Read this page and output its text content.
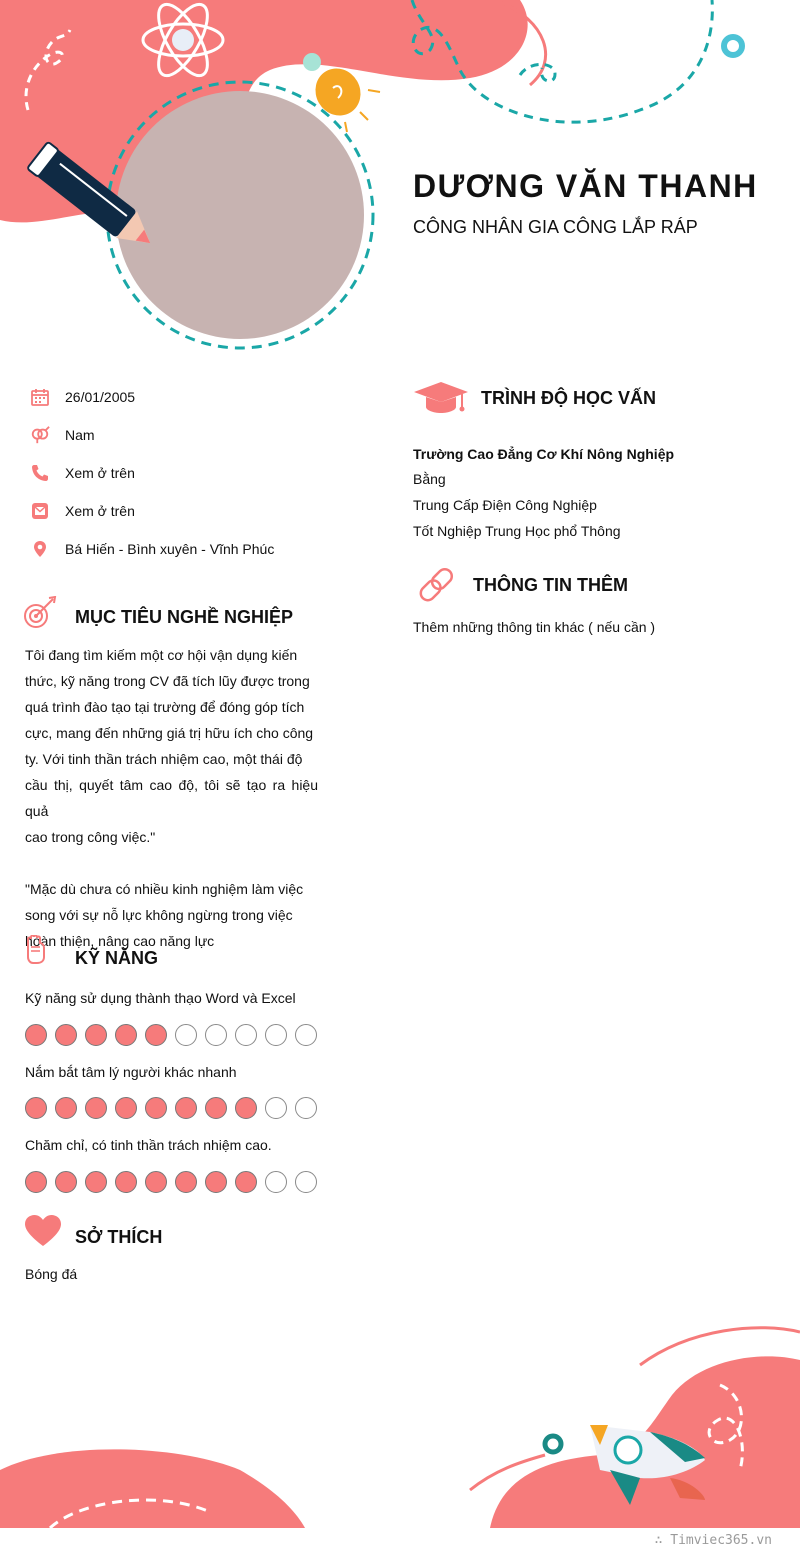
DƯƠNG VĂN THANH
CÔNG NHÂN GIA CÔNG LẮP RÁP
26/01/2005
Nam
Xem ở trên
Xem ở trên
Bá Hiến - Bình xuyên - Vĩnh Phúc
MỤC TIÊU NGHỀ NGHIỆP
Tôi đang tìm kiếm một cơ hội vận dụng kiến
thức, kỹ năng trong CV đã tích lũy được trong
quá trình đào tạo tại trường để đóng góp tích
cực, mang đến những giá trị hữu ích cho công
ty. Với tinh thần trách nhiệm cao, một thái độ
cầu thị, quyết tâm cao độ, tôi sẽ tạo ra hiệu quả
cao trong công việc."
"Mặc dù chưa có nhiều kinh nghiệm làm việc
song với sự nỗ lực không ngừng trong việc
hoàn thiện, nâng cao năng lực
KỸ NĂNG
Kỹ năng sử dụng thành thạo Word và Excel
Nắm bắt tâm lý người khác nhanh
Chăm chỉ, có tinh thần trách nhiệm cao.
SỞ THÍCH
Bóng đá
TRÌNH ĐỘ HỌC VẤN
Trường Cao Đẳng Cơ Khí Nông Nghiệp
Bằng
Trung Cấp Điện Công Nghiệp
Tốt Nghiệp Trung Học phổ Thông
THÔNG TIN THÊM
Thêm những thông tin khác ( nếu cần )
∴ Timviec365.vn
